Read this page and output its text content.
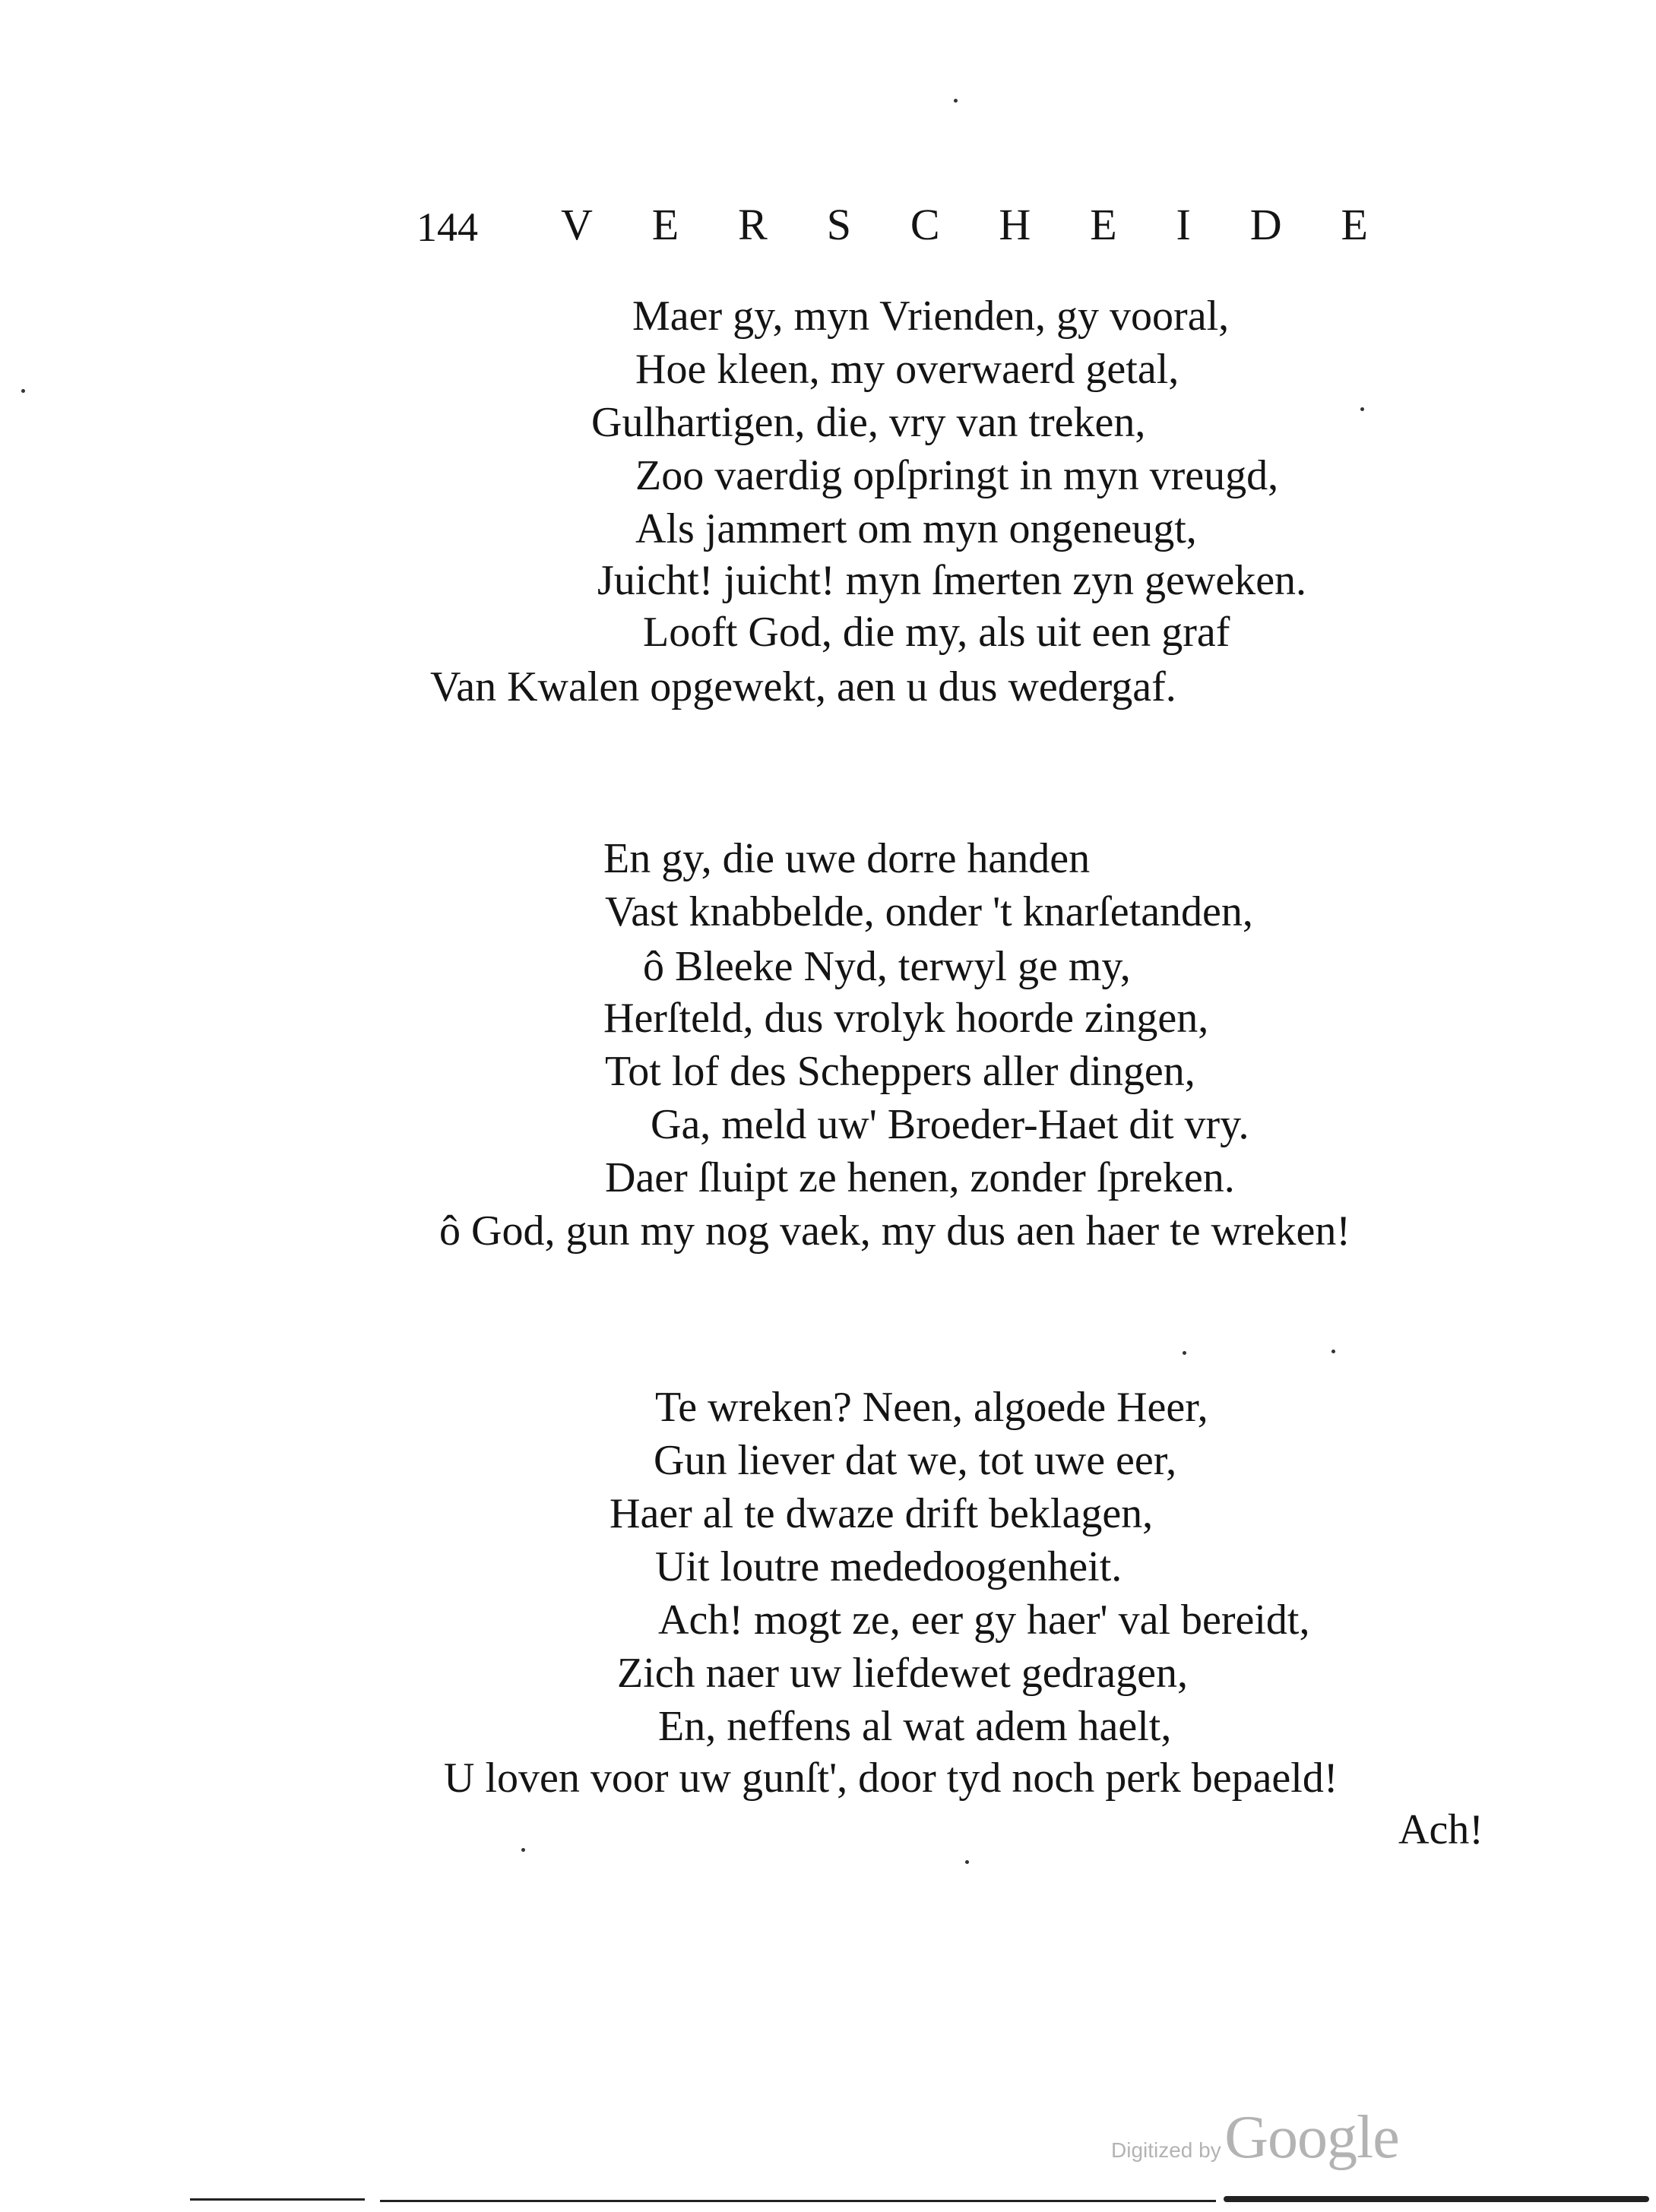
144 V E R S C H E I D E
Maer gy, myn Vrienden, gy vooral,
Hoe kleen, my overwaerd getal,
Gulhartigen, die, vry van treken,
Zoo vaerdig opſpringt in myn vreugd,
Als jammert om myn ongeneugt,
Juicht! juicht! myn ſmerten zyn geweken.
Looft God, die my, als uit een graf
Van Kwalen opgewekt, aen u dus wedergaf.
En gy, die uwe dorre handen
Vast knabbelde, onder 't knarſetanden,
ô Bleeke Nyd, terwyl ge my,
Herſteld, dus vrolyk hoorde zingen,
Tot lof des Scheppers aller dingen,
Ga, meld uw' Broeder-Haet dit vry.
Daer ſluipt ze henen, zonder ſpreken.
ô God, gun my nog vaek, my dus aen haer te wreken!
Te wreken? Neen, algoede Heer,
Gun liever dat we, tot uwe eer,
Haer al te dwaze drift beklagen,
Uit loutre mededoogenheit.
Ach! mogt ze, eer gy haer' val bereidt,
Zich naer uw liefdewet gedragen,
En, neffens al wat adem haelt,
U loven voor uw gunſt', door tyd noch perk bepaeld!
Ach!
Digitized by Google
